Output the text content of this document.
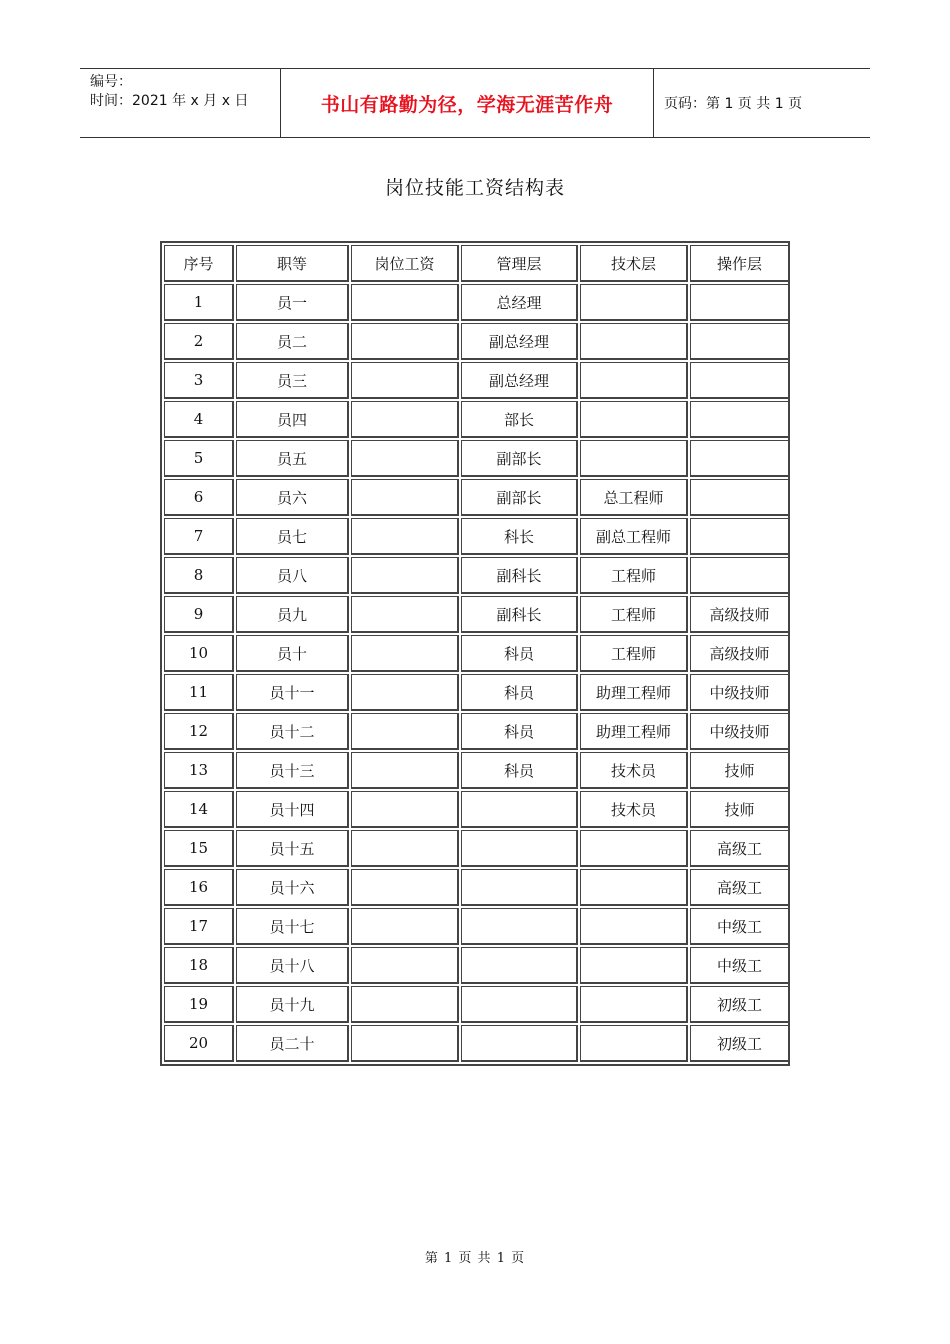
编号：
时间：2021 年 x 月 x 日	书山有路勤为径，学海无涯苦作舟	页码：第 1 页 共 1 页
岗位技能工资结构表
序号	职等	岗位工资	管理层	技术层	操作层
1	员一		总经理		
2	员二		副总经理		
3	员三		副总经理		
4	员四		部长		
5	员五		副部长		
6	员六		副部长	总工程师	
7	员七		科长	副总工程师	
8	员八		副科长	工程师	
9	员九		副科长	工程师	高级技师
10	员十		科员	工程师	高级技师
11	员十一		科员	助理工程师	中级技师
12	员十二		科员	助理工程师	中级技师
13	员十三		科员	技术员	技师
14	员十四			技术员	技师
15	员十五				高级工
16	员十六				高级工
17	员十七				中级工
18	员十八				中级工
19	员十九				初级工
20	员二十				初级工
第 1 页 共 1 页
